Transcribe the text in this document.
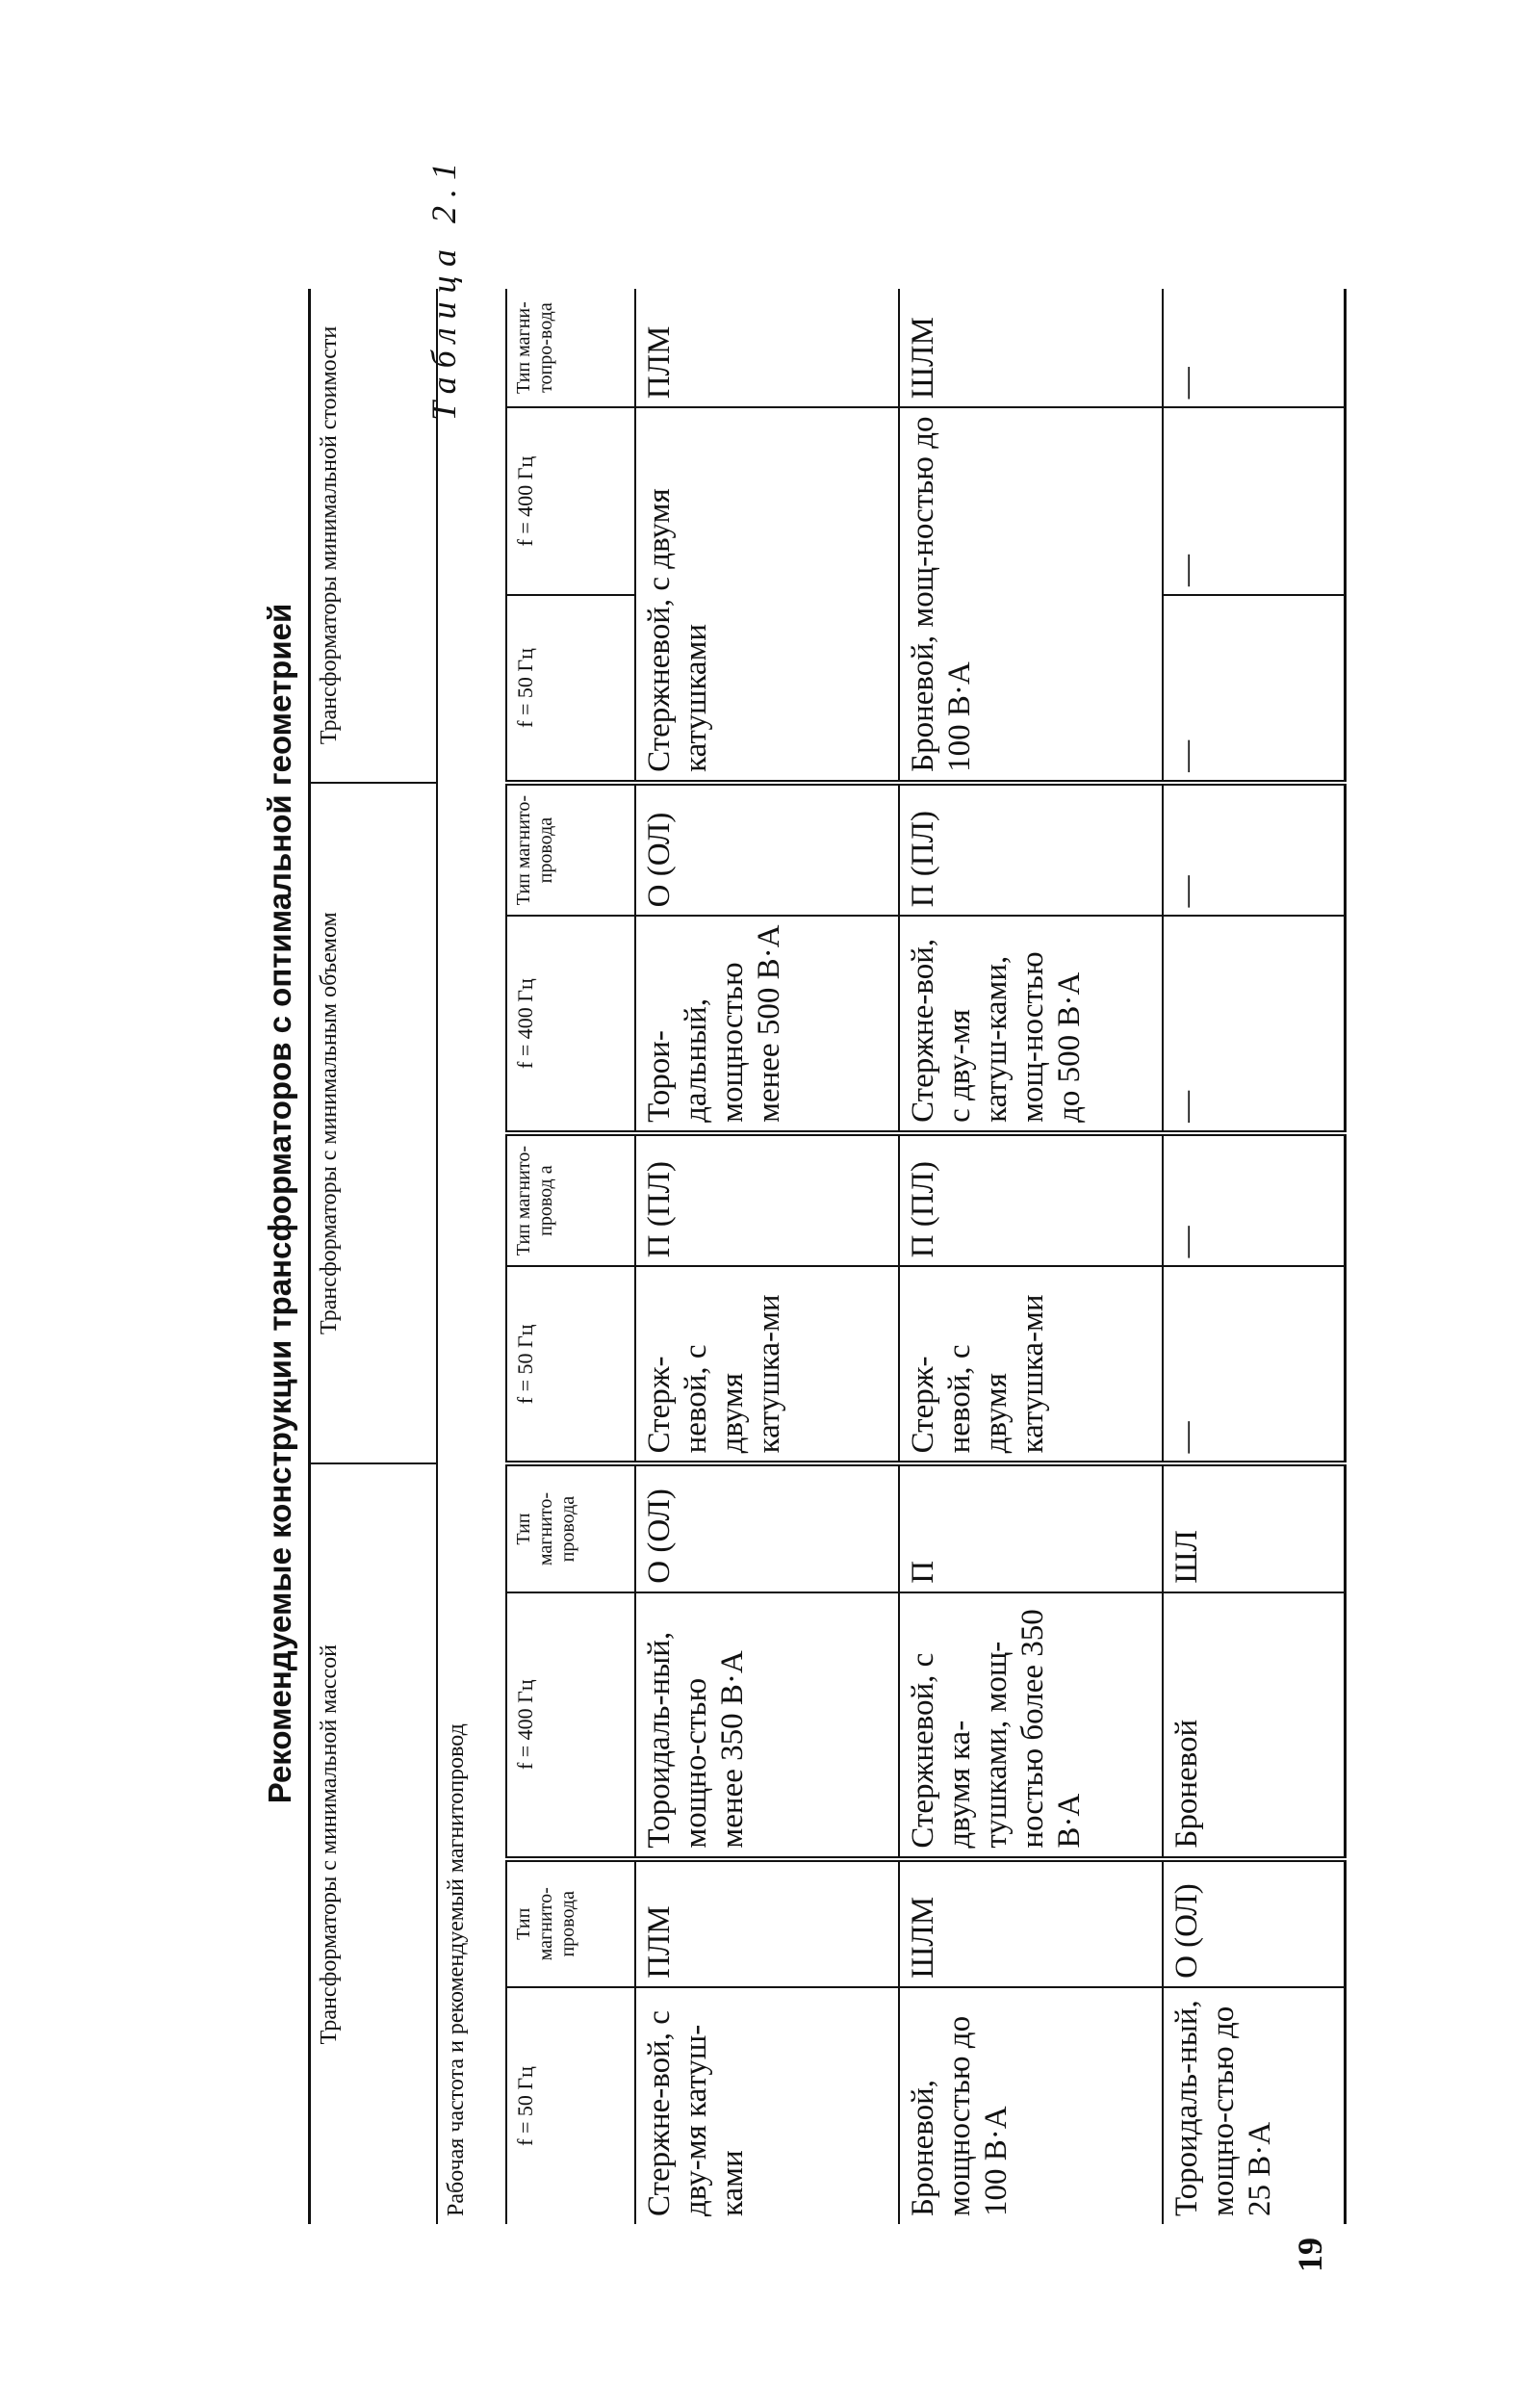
Таблица 2.1
Рекомендуемые конструкции трансформаторов с оптимальной геометрией
Трансформаторы с минимальной массой				Трансформаторы с минимальным объемом				Трансформаторы минимальной стоимости		
Рабочая частота и рекомендуемый магнитопровод										
f = 50 Гц	Тип магнито-провода	f = 400 Гц	Тип магнито-провода	f = 50 Гц	Тип магнито-провод а	f = 400 Гц	Тип магнито-провода	f = 50 Гц	f = 400 Гц	Тип магни-топро-вода
Стержне-вой, с дву-мя катуш-ками	ПЛМ	Тороидаль-ный, мощно-стью менее 350 В·А	О (ОЛ)	Стерж-невой, с двумя катушка-ми	П (ПЛ)	Торои-дальный, мощностью менее 500 В·А	О (ОЛ)	Стержневой, с двумя катушками		ПЛМ
Броневой, мощностью до 100 В·А	ШЛМ	Стержневой, с двумя ка-тушками, мощ-ностью более 350 В·А	П	Стерж-невой, с двумя катушка-ми	П (ПЛ)	Стержне-вой, с дву-мя катуш-ками, мощ-ностью до 500 В·А	П (ПЛ)	Броневой, мощ-ностью до 100 В·А		ШЛМ
Тороидаль-ный, мощно-стью до 25 В·А	О (ОЛ)	Броневой	ШЛ	—	—	—	—	—	—	—
19
